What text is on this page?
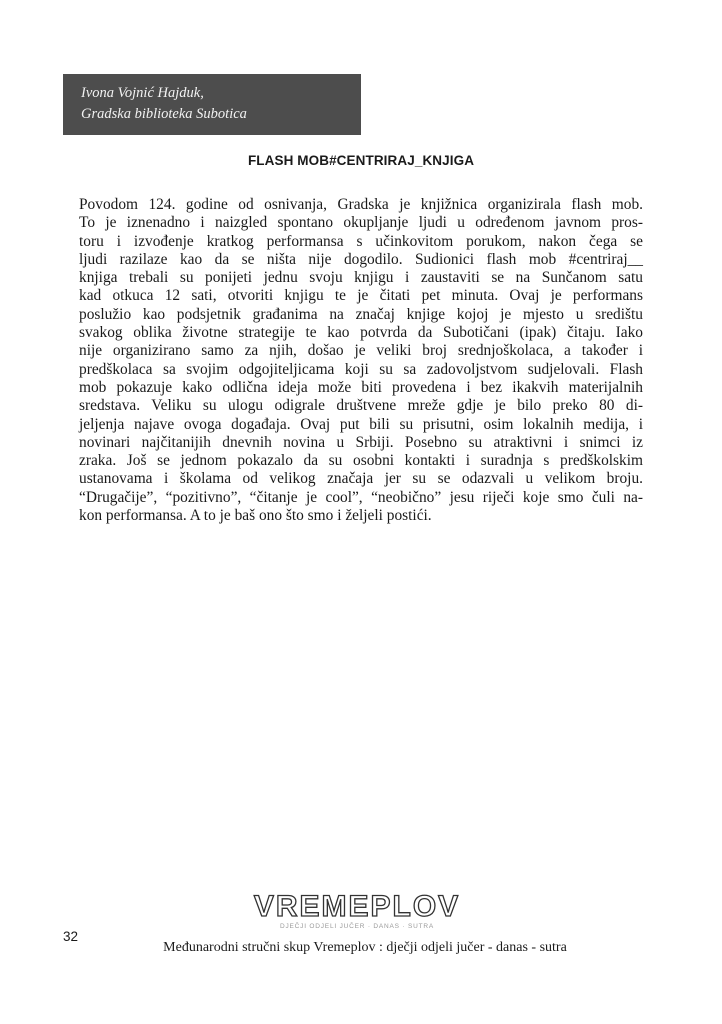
Ivona Vojnić Hajduk,
Gradska biblioteka Subotica
FLASH MOB#CENTRIRAJ_KNJIGA
Povodom 124. godine od osnivanja, Gradska je knjižnica organizirala flash mob.
To je iznenadno i naizgled spontano okupljanje ljudi u određenom javnom pros-
toru i izvođenje kratkog performansa s učinkovitom porukom, nakon čega se
ljudi razilaze kao da se ništa nije dogodilo. Sudionici flash mob #centriraj__
knjiga trebali su ponijeti jednu svoju knjigu i zaustaviti se na Sunčanom satu
kad otkuca 12 sati, otvoriti knjigu te je čitati pet minuta. Ovaj je performans
poslužio kao podsjetnik građanima na značaj knjige kojoj je mjesto u središtu
svakog oblika životne strategije te kao potvrda da Subotičani (ipak) čitaju. Iako
nije organizirano samo za njih, došao je veliki broj srednjoškolaca, a također i
predškolaca sa svojim odgojiteljicama koji su sa zadovoljstvom sudjelovali. Flash
mob pokazuje kako odlična ideja može biti provedena i bez ikakvih materijalnih
sredstava. Veliku su ulogu odigrale društvene mreže gdje je bilo preko 80 di-
jeljenja najave ovoga događaja. Ovaj put bili su prisutni, osim lokalnih medija, i
novinari najčitanijih dnevnih novina u Srbiji. Posebno su atraktivni i snimci iz
zraka. Još se jednom pokazalo da su osobni kontakti i suradnja s predškolskim
ustanovama i školama od velikog značaja jer su se odazvali u velikom broju.
“Drugačije”, “pozitivno”, “čitanje je cool”, “neobično” jesu riječi koje smo čuli na-
kon performansa. A to je baš ono što smo i željeli postići.
VREMEPLOV
DJEČJI ODJELI JUČER · DANAS · SUTRA
32
Međunarodni stručni skup Vremeplov : dječji odjeli jučer - danas - sutra
